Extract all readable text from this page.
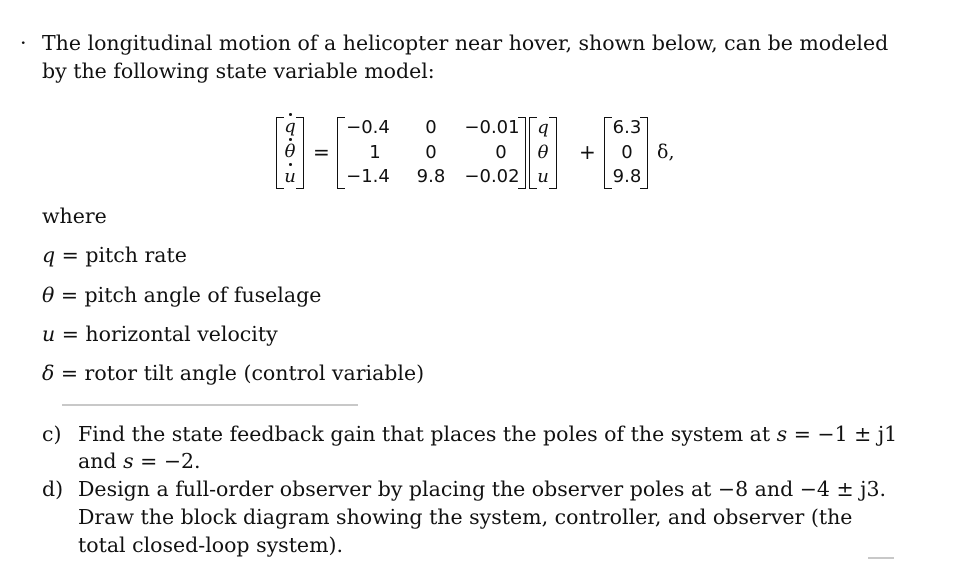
· The longitudinal motion of a helicopter near hover, shown below, can be modeled
by the following state variable model:
q
θ
u
=
−0.4	0	−0.01
1	0	0
−1.4	9.8	−0.02
q
θ
u
+
6.3
0
9.8
δ,
where
q = pitch rate
θ = pitch angle of fuselage
u = horizontal velocity
δ = rotor tilt angle (control variable)
c) Find the state feedback gain that places the poles of the system at s = −1 ± j1
and s = −2.
d) Design a full-order observer by placing the observer poles at −8 and −4 ± j3.
Draw the block diagram showing the system, controller, and observer (the
total closed-loop system).
